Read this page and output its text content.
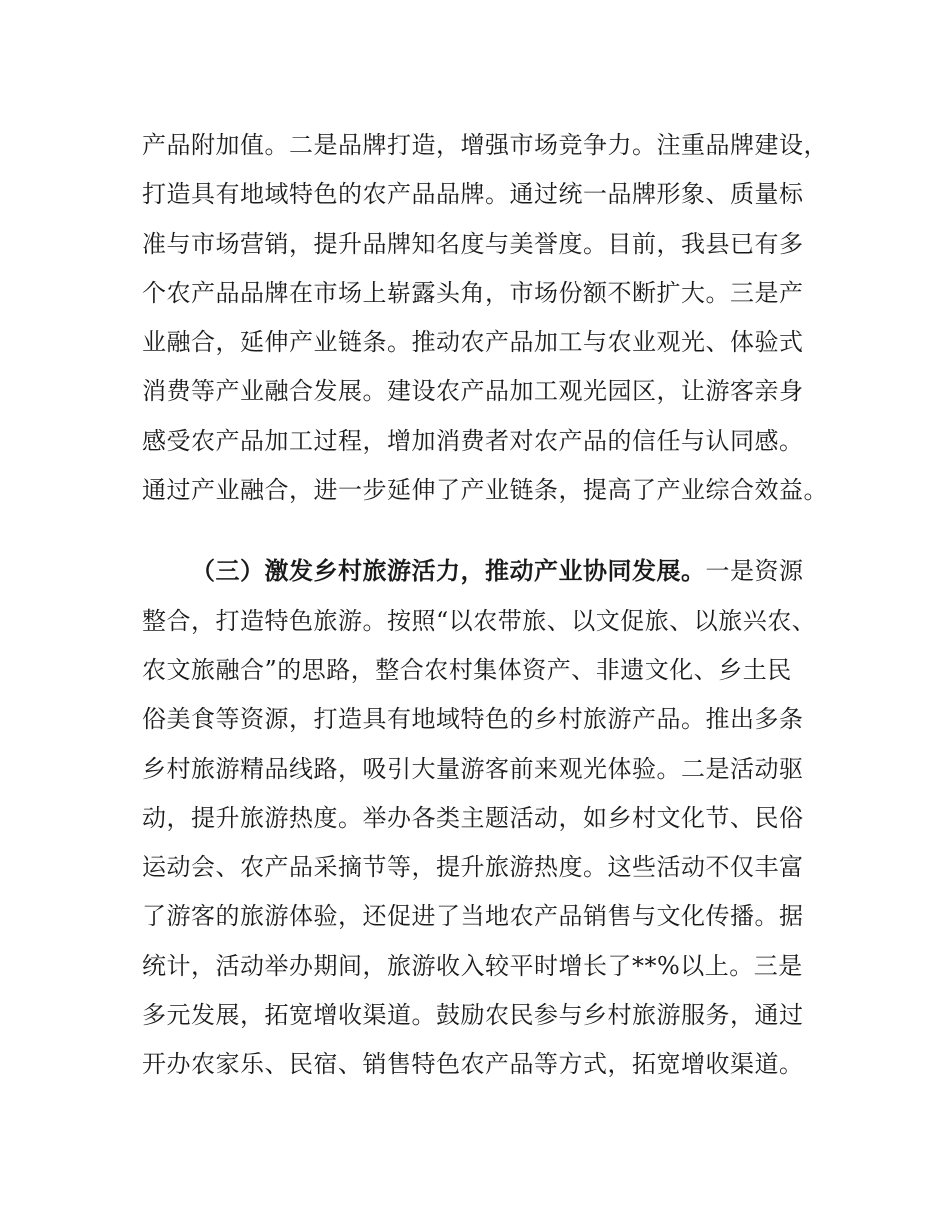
产品附加值。二是品牌打造，增强市场竞争力。注重品牌建设，
打造具有地域特色的农产品品牌。通过统一品牌形象、质量标
准与市场营销，提升品牌知名度与美誉度。目前，我县已有多
个农产品品牌在市场上崭露头角，市场份额不断扩大。三是产
业融合，延伸产业链条。推动农产品加工与农业观光、体验式
消费等产业融合发展。建设农产品加工观光园区，让游客亲身
感受农产品加工过程，增加消费者对农产品的信任与认同感。
通过产业融合，进一步延伸了产业链条，提高了产业综合效益。
（三）激发乡村旅游活力，推动产业协同发展。一是资源
整合，打造特色旅游。按照“以农带旅、以文促旅、以旅兴农、
农文旅融合”的思路，整合农村集体资产、非遗文化、乡土民
俗美食等资源，打造具有地域特色的乡村旅游产品。推出多条
乡村旅游精品线路，吸引大量游客前来观光体验。二是活动驱
动，提升旅游热度。举办各类主题活动，如乡村文化节、民俗
运动会、农产品采摘节等，提升旅游热度。这些活动不仅丰富
了游客的旅游体验，还促进了当地农产品销售与文化传播。据
统计，活动举办期间，旅游收入较平时增长了**%以上。三是
多元发展，拓宽增收渠道。鼓励农民参与乡村旅游服务，通过
开办农家乐、民宿、销售特色农产品等方式，拓宽增收渠道。
